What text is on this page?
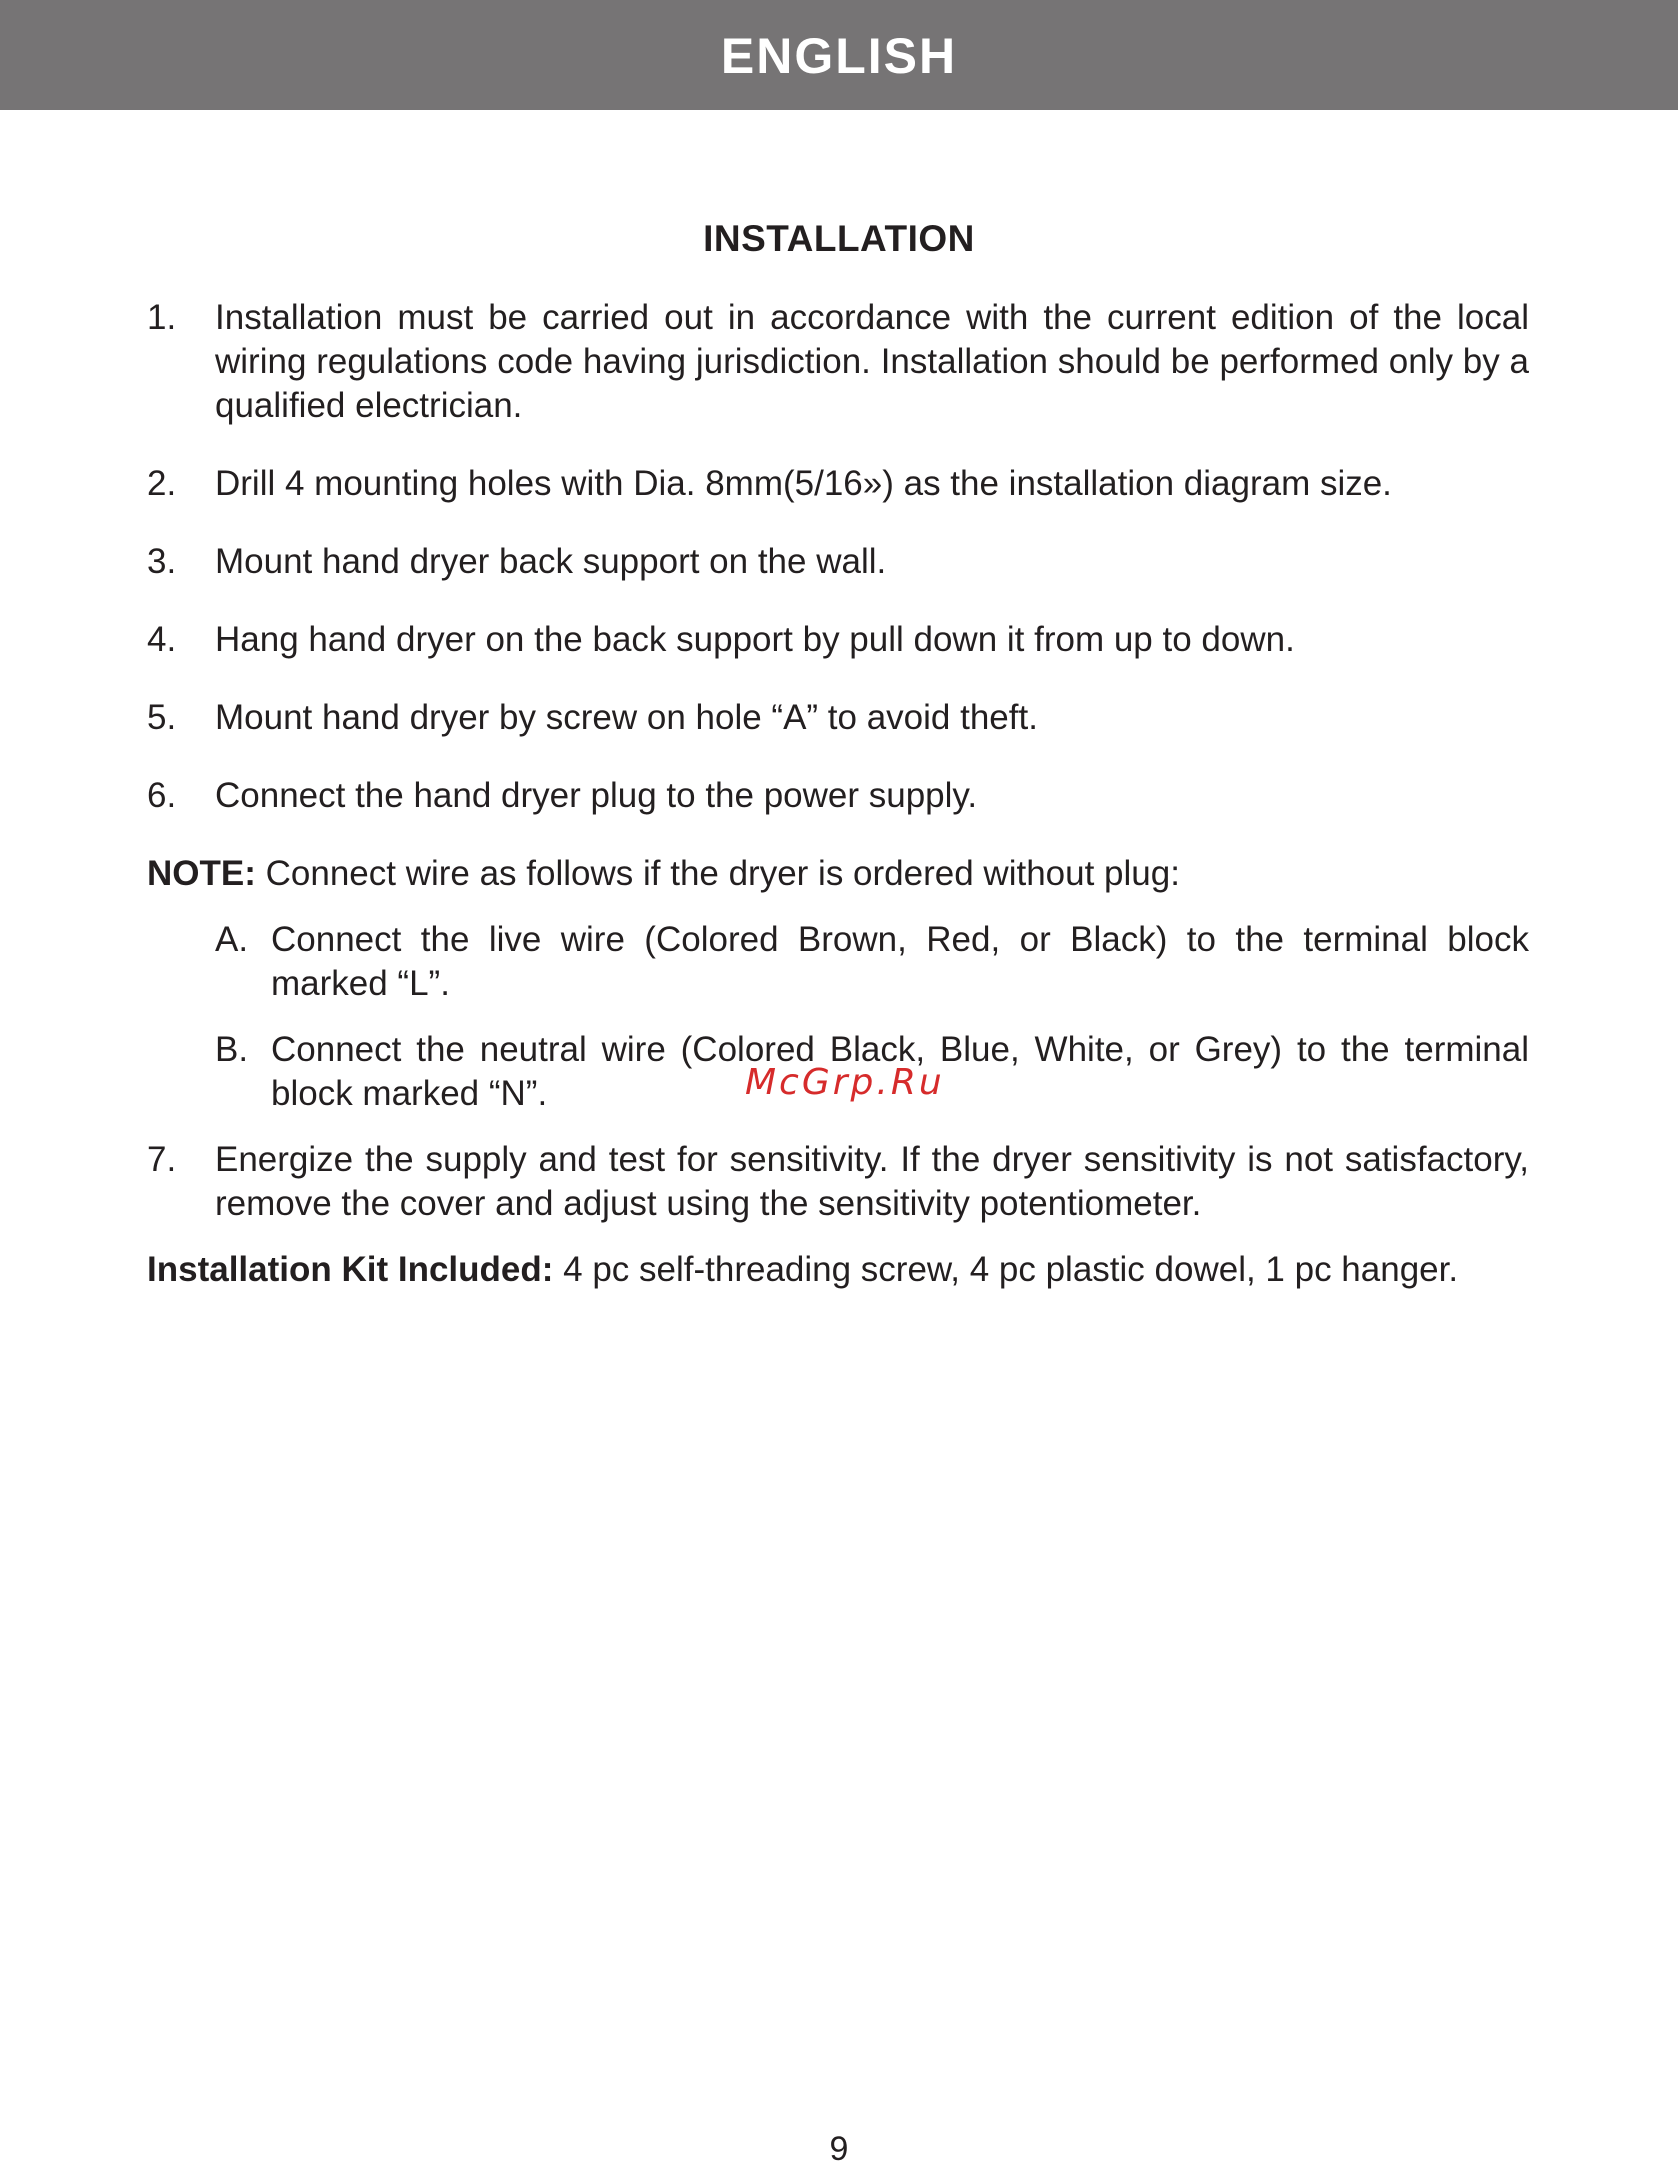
ENGLISH
INSTALLATION
1. Installation must be carried out in accordance with the current edition of the local wiring regulations code having jurisdiction. Installation should be performed only by a qualified electrician.
2. Drill 4 mounting holes with Dia. 8mm(5/16») as the installation diagram size.
3. Mount hand dryer back support on the wall.
4. Hang hand dryer on the back support by pull down it from up to down.
5. Mount hand dryer by screw on hole “A” to avoid theft.
6. Connect the hand dryer plug to the power supply.
NOTE: Connect wire as follows if the dryer is ordered without plug:
A. Connect the live wire (Colored Brown, Red, or Black) to the terminal block marked “L”.
B. Connect the neutral wire (Colored Black, Blue, White, or Grey) to the terminal block marked “N”.
7. Energize the supply and test for sensitivity. If the dryer sensitivity is not satisfactory, remove the cover and adjust using the sensitivity potentiometer.
Installation Kit Included: 4 pc self-threading screw, 4 pc plastic dowel, 1 pc hanger.
McGrp.Ru
9
